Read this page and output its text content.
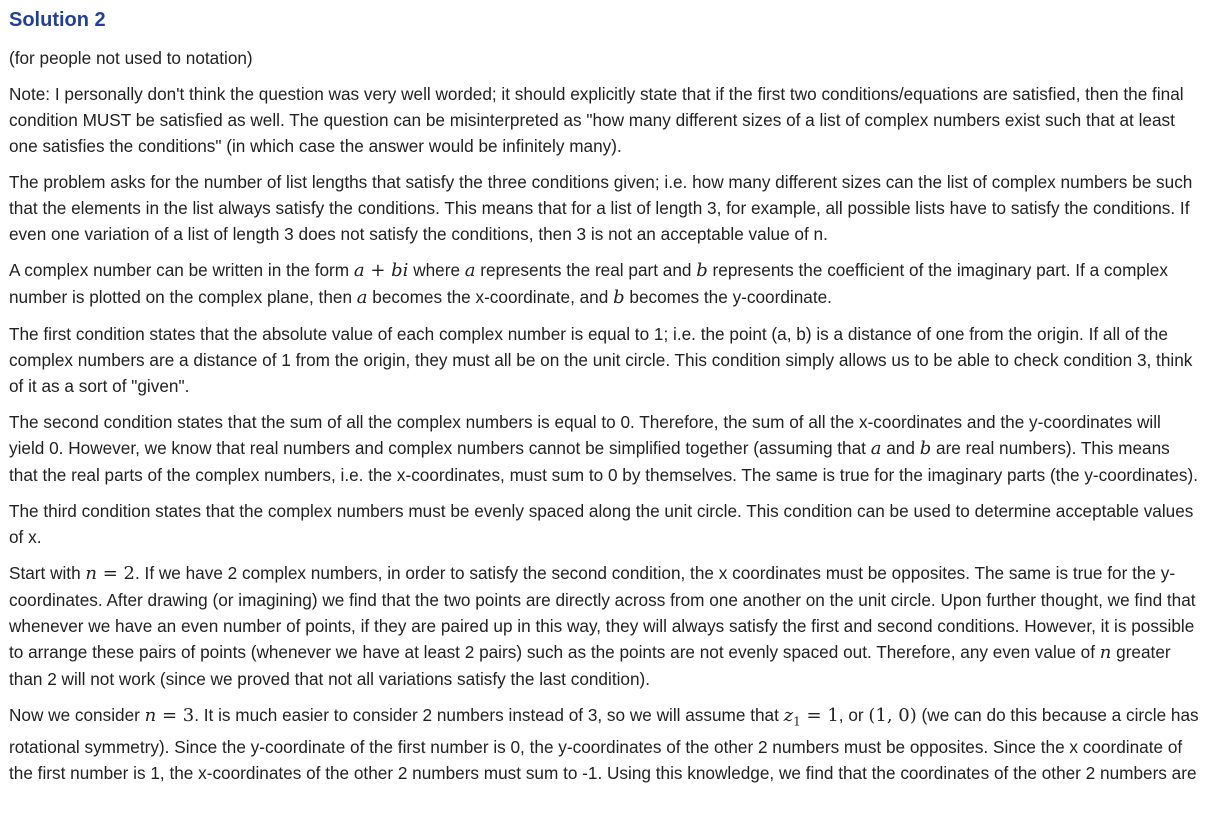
Solution 2

(for people not used to notation)

Note: I personally don't think the question was very well worded; it should explicitly state that if the first two conditions/equations are satisfied, then the final condition MUST be satisfied as well. The question can be misinterpreted as "how many different sizes of a list of complex numbers exist such that at least one satisfies the conditions" (in which case the answer would be infinitely many).

The problem asks for the number of list lengths that satisfy the three conditions given; i.e. how many different sizes can the list of complex numbers be such that the elements in the list always satisfy the conditions. This means that for a list of length 3, for example, all possible lists have to satisfy the conditions. If even one variation of a list of length 3 does not satisfy the conditions, then 3 is not an acceptable value of n.

A complex number can be written in the form a + bi where a represents the real part and b represents the coefficient of the imaginary part. If a complex number is plotted on the complex plane, then a becomes the x-coordinate, and b becomes the y-coordinate.

The first condition states that the absolute value of each complex number is equal to 1; i.e. the point (a, b) is a distance of one from the origin. If all of the complex numbers are a distance of 1 from the origin, they must all be on the unit circle. This condition simply allows us to be able to check condition 3, think of it as a sort of "given".

The second condition states that the sum of all the complex numbers is equal to 0. Therefore, the sum of all the x-coordinates and the y-coordinates will yield 0. However, we know that real numbers and complex numbers cannot be simplified together (assuming that a and b are real numbers). This means that the real parts of the complex numbers, i.e. the x-coordinates, must sum to 0 by themselves. The same is true for the imaginary parts (the y-coordinates).

The third condition states that the complex numbers must be evenly spaced along the unit circle. This condition can be used to determine acceptable values of x.

Start with n = 2. If we have 2 complex numbers, in order to satisfy the second condition, the x coordinates must be opposites. The same is true for the y-coordinates. After drawing (or imagining) we find that the two points are directly across from one another on the unit circle. Upon further thought, we find that whenever we have an even number of points, if they are paired up in this way, they will always satisfy the first and second conditions. However, it is possible to arrange these pairs of points (whenever we have at least 2 pairs) such as the points are not evenly spaced out. Therefore, any even value of n greater than 2 will not work (since we proved that not all variations satisfy the last condition).

Now we consider n = 3. It is much easier to consider 2 numbers instead of 3, so we will assume that $z_1 = 1$, or (1, 0) (we can do this because a circle has rotational symmetry). Since the y-coordinate of the first number is 0, the y-coordinates of the other 2 numbers must be opposites. Since the x coordinate of the first number is 1, the x-coordinates of the other 2 numbers must sum to -1. Using this knowledge, we find that the coordinates of the other 2 numbers are
